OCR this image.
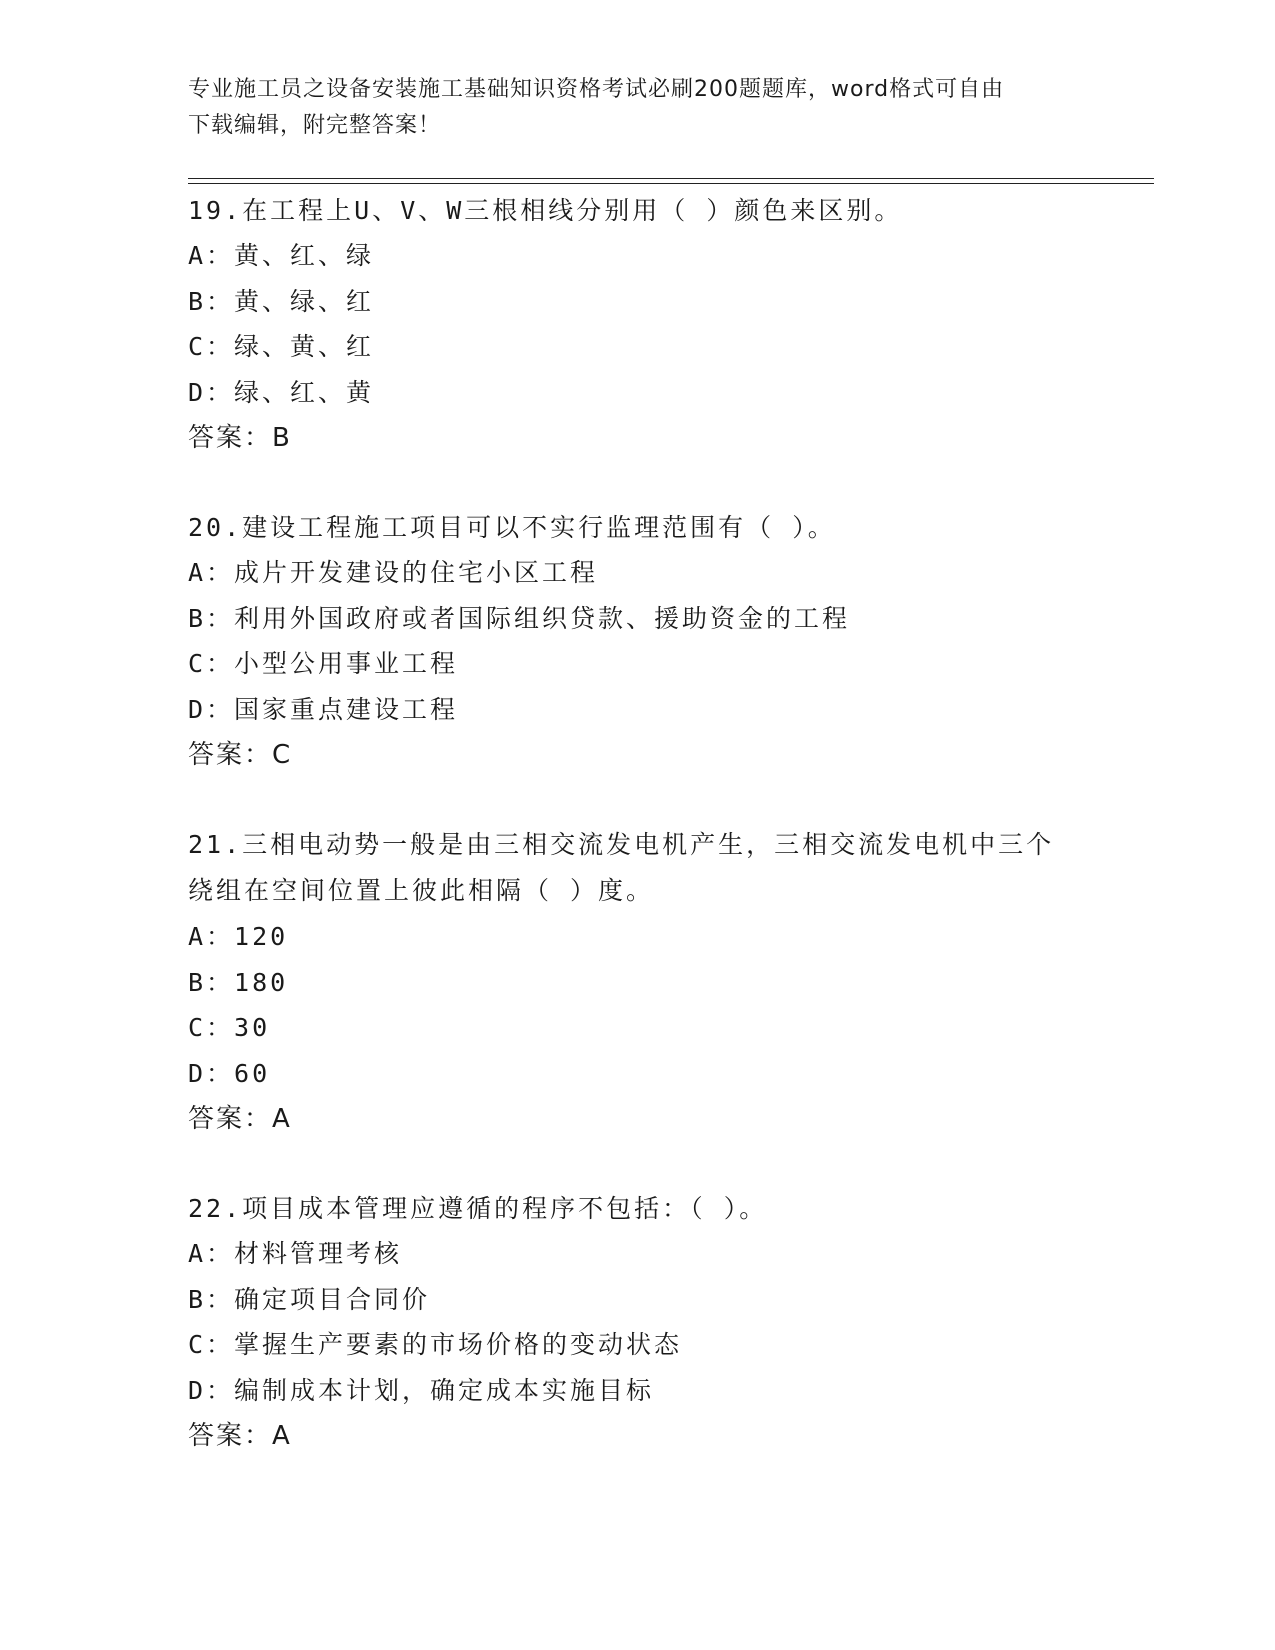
专业施工员之设备安装施工基础知识资格考试必刷200题题库，word格式可自由
下载编辑，附完整答案！
19.在工程上U、V、W三根相线分别用（ ）颜色来区别。
A：黄、红、绿
B：黄、绿、红
C：绿、黄、红
D：绿、红、黄
答案：B
20.建设工程施工项目可以不实行监理范围有（ ）。
A：成片开发建设的住宅小区工程
B：利用外国政府或者国际组织贷款、援助资金的工程
C：小型公用事业工程
D：国家重点建设工程
答案：C
21.三相电动势一般是由三相交流发电机产生，三相交流发电机中三个
绕组在空间位置上彼此相隔（ ）度。
A：120
B：180
C：30
D：60
答案：A
22.项目成本管理应遵循的程序不包括：（ ）。
A：材料管理考核
B：确定项目合同价
C：掌握生产要素的市场价格的变动状态
D：编制成本计划，确定成本实施目标
答案：A
